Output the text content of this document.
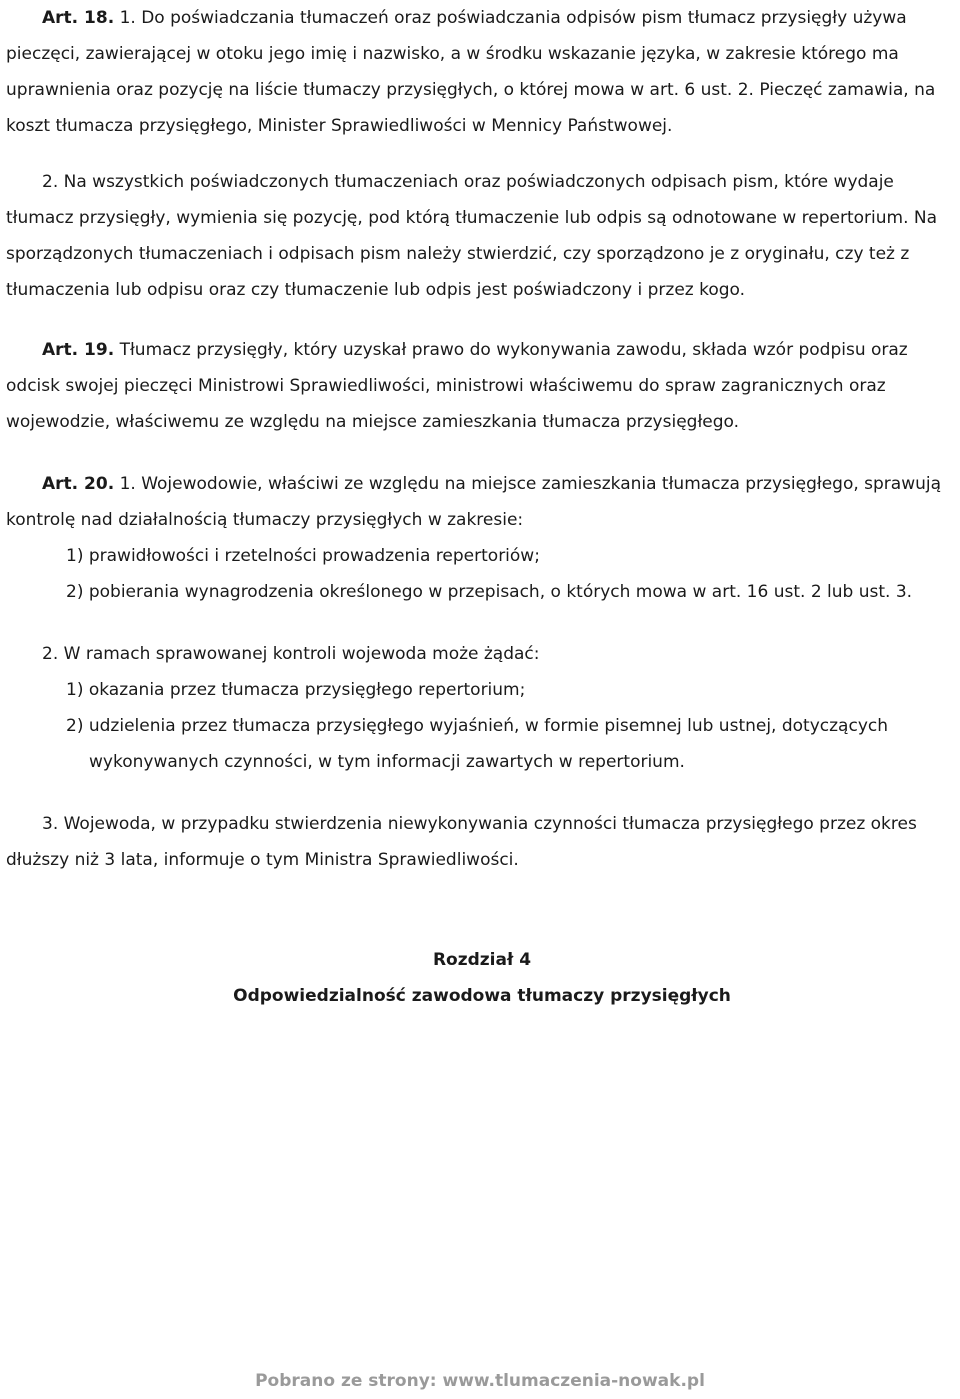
Art. 18. 1. Do poświadczania tłumaczeń oraz poświadczania odpisów pism tłumacz przysięgły używa pieczęci, zawierającej w otoku jego imię i nazwisko, a w środku wskazanie języka, w zakresie którego ma uprawnienia oraz pozycję na liście tłumaczy przysięgłych, o której mowa w art. 6 ust. 2. Pieczęć zamawia, na koszt tłumacza przysięgłego, Minister Sprawiedliwości w Mennicy Państwowej.

2. Na wszystkich poświadczonych tłumaczeniach oraz poświadczonych odpisach pism, które wydaje tłumacz przysięgły, wymienia się pozycję, pod którą tłumaczenie lub odpis są odnotowane w repertorium. Na sporządzonych tłumaczeniach i odpisach pism należy stwierdzić, czy sporządzono je z oryginału, czy też z tłumaczenia lub odpisu oraz czy tłumaczenie lub odpis jest poświadczony i przez kogo.

Art. 19. Tłumacz przysięgły, który uzyskał prawo do wykonywania zawodu, składa wzór podpisu oraz odcisk swojej pieczęci Ministrowi Sprawiedliwości, ministrowi właściwemu do spraw zagranicznych oraz wojewodzie, właściwemu ze względu na miejsce zamieszkania tłumacza przysięgłego.

Art. 20. 1. Wojewodowie, właściwi ze względu na miejsce zamieszkania tłumacza przysięgłego, sprawują kontrolę nad działalnością tłumaczy przysięgłych w zakresie:

1) prawidłowości i rzetelności prowadzenia repertoriów;

2) pobierania wynagrodzenia określonego w przepisach, o których mowa w art. 16 ust. 2 lub ust. 3.

2. W ramach sprawowanej kontroli wojewoda może żądać:

1) okazania przez tłumacza przysięgłego repertorium;

2) udzielenia przez tłumacza przysięgłego wyjaśnień, w formie pisemnej lub ustnej, dotyczących wykonywanych czynności, w tym informacji zawartych w repertorium.

3. Wojewoda, w przypadku stwierdzenia niewykonywania czynności tłumacza przysięgłego przez okres dłuższy niż 3 lata, informuje o tym Ministra Sprawiedliwości.

Rozdział 4

Odpowiedzialność zawodowa tłumaczy przysięgłych

Pobrano ze strony: www.tlumaczenia-nowak.pl
